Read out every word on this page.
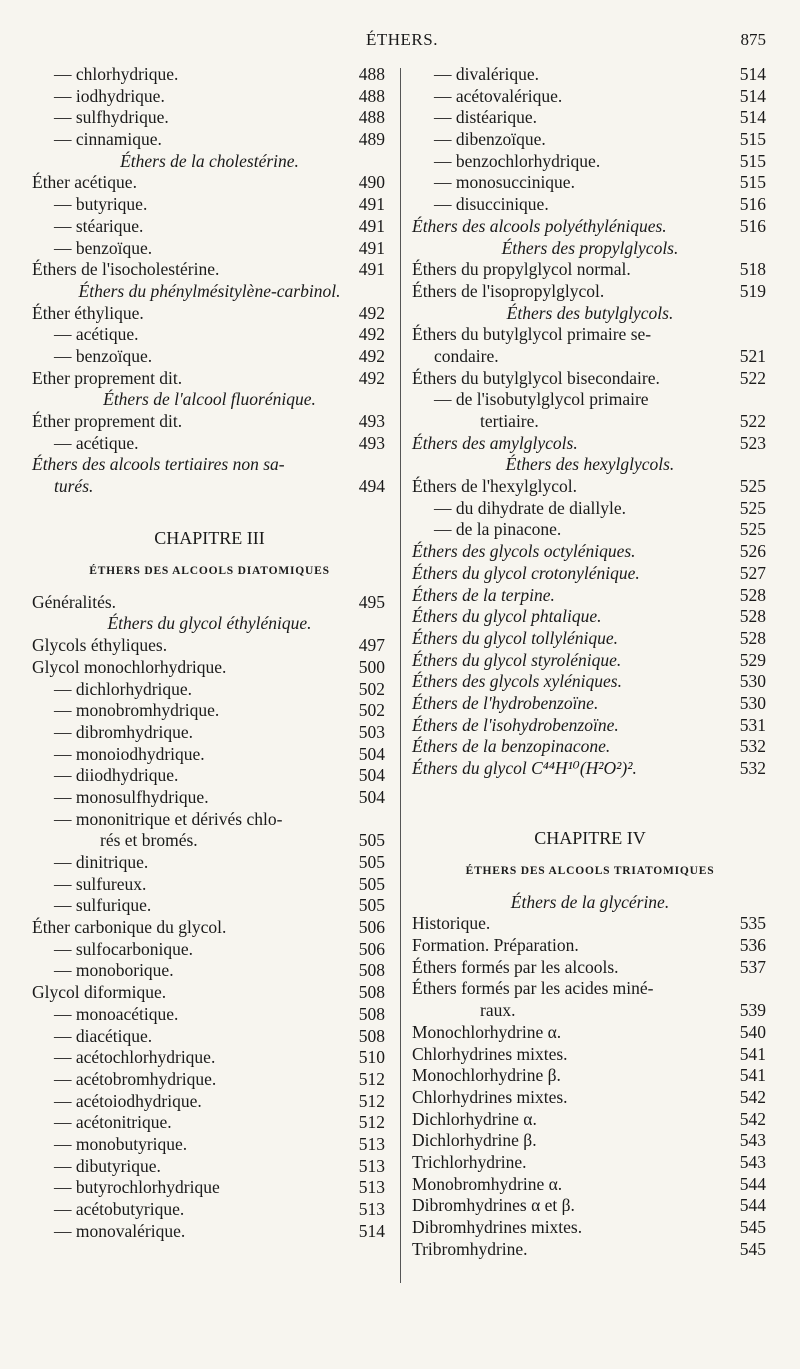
ÉTHERS.	875
— chlorhydrique.	488
— iodhydrique.	488
— sulfhydrique.	488
— cinnamique.	489
Éthers de la cholestérine.
Éther acétique.	490
— butyrique.	491
— stéarique.	491
— benzoïque.	491
Éthers de l'isocholestérine.	491
Éthers du phénylmésitylène-carbinol.
Éther éthylique.	492
— acétique.	492
— benzoïque.	492
Ether proprement dit.	492
Éthers de l'alcool fluorénique.
Éther proprement dit.	493
— acétique.	493
Éthers des alcools tertiaires non sa-
turés.	494
CHAPITRE III
ÉTHERS DES ALCOOLS DIATOMIQUES
Généralités.	495
Éthers du glycol éthylénique.
Glycols éthyliques.	497
Glycol monochlorhydrique.	500
— dichlorhydrique.	502
— monobromhydrique.	502
— dibromhydrique.	503
— monoiodhydrique.	504
— diiodhydrique.	504
— monosulfhydrique.	504
— mononitrique et dérivés chlo-
rés et bromés.	505
— dinitrique.	505
— sulfureux.	505
— sulfurique.	505
Éther carbonique du glycol.	506
— sulfocarbonique.	506
— monoborique.	508
Glycol diformique.	508
— monoacétique.	508
— diacétique.	508
— acétochlorhydrique.	510
— acétobromhydrique.	512
— acétoiodhydrique.	512
— acétonitrique.	512
— monobutyrique.	513
— dibutyrique.	513
— butyrochlorhydrique	513
— acétobutyrique.	513
— monovalérique.	514
— divalérique.	514
— acétovalérique.	514
— distéarique.	514
— dibenzoïque.	515
— benzochlorhydrique.	515
— monosuccinique.	515
— disuccinique.	516
Éthers des alcools polyéthyléniques.	516
Éthers des propylglycols.
Éthers du propylglycol normal.	518
Éthers de l'isopropylglycol.	519
Éthers des butylglycols.
Éthers du butylglycol primaire se-
condaire.	521
Éthers du butylglycol bisecondaire.	522
— de l'isobutylglycol primaire
tertiaire.	522
Éthers des amylglycols.	523
Éthers des hexylglycols.
Éthers de l'hexylglycol.	525
— du dihydrate de diallyle.	525
— de la pinacone.	525
Éthers des glycols octyléniques.	526
Éthers du glycol crotonylénique.	527
Éthers de la terpine.	528
Éthers du glycol phtalique.	528
Éthers du glycol tollylénique.	528
Éthers du glycol styrolénique.	529
Éthers des glycols xyléniques.	530
Éthers de l'hydrobenzoïne.	530
Éthers de l'isohydrobenzoïne.	531
Éthers de la benzopinacone.	532
Éthers du glycol C⁴⁴H¹⁰(H²O²)².	532
CHAPITRE IV
ÉTHERS DES ALCOOLS TRIATOMIQUES
Éthers de la glycérine.
Historique.	535
Formation. Préparation.	536
Éthers formés par les alcools.	537
Éthers formés par les acides miné-
raux.	539
Monochlorhydrine α.	540
Chlorhydrines mixtes.	541
Monochlorhydrine β.	541
Chlorhydrines mixtes.	542
Dichlorhydrine α.	542
Dichlorhydrine β.	543
Trichlorhydrine.	543
Monobromhydrine α.	544
Dibromhydrines α et β.	544
Dibromhydrines mixtes.	545
Tribromhydrine.	545
